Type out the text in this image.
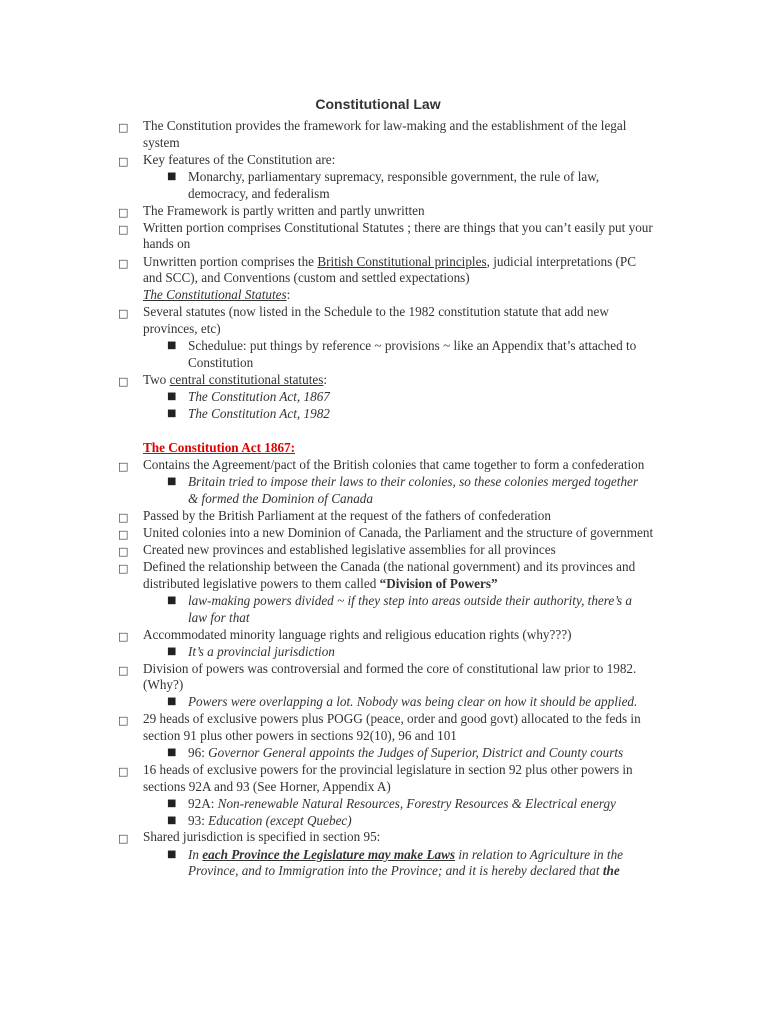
Constitutional Law
□ The Constitution provides the framework for law-making and the establishment of the legal system
□ Key features of the Constitution are:
■ Monarchy, parliamentary supremacy, responsible government, the rule of law, democracy, and federalism
□ The Framework is partly written and partly unwritten
□ Written portion comprises Constitutional Statutes ; there are things that you can’t easily put your hands on
□ Unwritten portion comprises the British Constitutional principles, judicial interpretations (PC and SCC), and Conventions (custom and settled expectations)
The Constitutional Statutes:
□ Several statutes (now listed in the Schedule to the 1982 constitution statute that add new provinces, etc)
■ Schedulue: put things by reference ~ provisions ~ like an Appendix that’s attached to Constitution
□ Two central constitutional statutes:
■ The Constitution Act, 1867
■ The Constitution Act, 1982
The Constitution Act 1867:
□ Contains the Agreement/pact of the British colonies that came together to form a confederation
■ Britain tried to impose their laws to their colonies, so these colonies merged together & formed the Dominion of Canada
□ Passed by the British Parliament at the request of the fathers of confederation
□ United colonies into a new Dominion of Canada, the Parliament and the structure of government
□ Created new provinces and established legislative assemblies for all provinces
□ Defined the relationship between the Canada (the national government) and its provinces and distributed legislative powers to them called “Division of Powers”
■ law-making powers divided ~ if they step into areas outside their authority, there’s a law for that
□ Accommodated minority language rights and religious education rights (why???)
■ It’s a provincial jurisdiction
□ Division of powers was controversial and formed the core of constitutional law prior to 1982. (Why?)
■ Powers were overlapping a lot. Nobody was being clear on how it should be applied.
□ 29 heads of exclusive powers plus POGG (peace, order and good govt) allocated to the feds in section 91 plus other powers in sections 92(10), 96 and 101
■ 96: Governor General appoints the Judges of Superior, District and County courts
□ 16 heads of exclusive powers for the provincial legislature in section 92 plus other powers in sections 92A and 93 (See Horner, Appendix A)
■ 92A: Non-renewable Natural Resources, Forestry Resources & Electrical energy
■ 93: Education (except Quebec)
□ Shared jurisdiction is specified in section 95:
■ In each Province the Legislature may make Laws in relation to Agriculture in the Province, and to Immigration into the Province; and it is hereby declared that the
